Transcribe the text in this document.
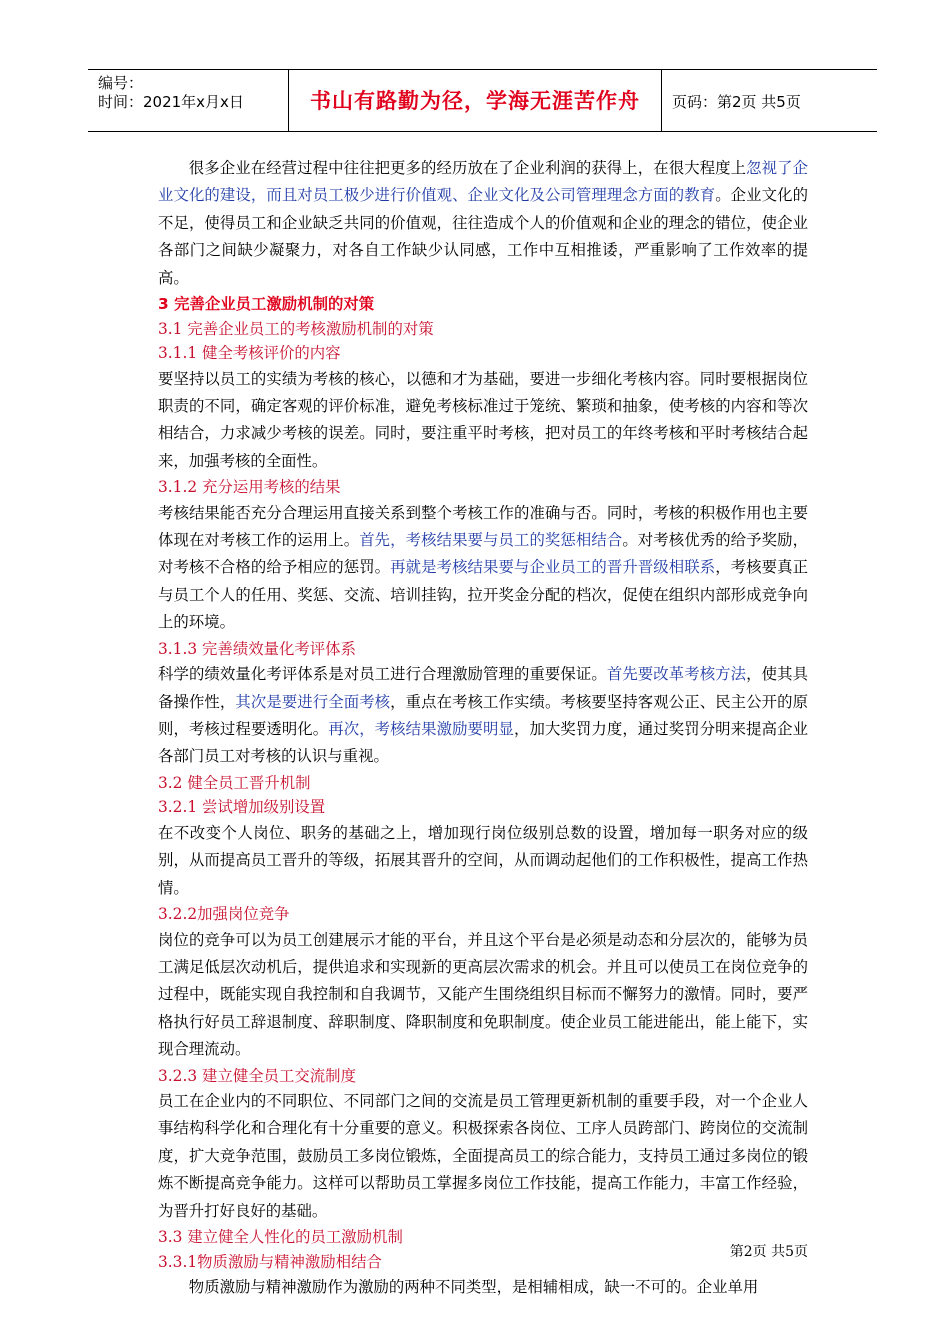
编号：
时间：2021年x月x日	书山有路勤为径，学海无涯苦作舟	页码：第2页 共5页

很多企业在经营过程中往往把更多的经历放在了企业利润的获得上，在很大程度上忽视了企业文化的建设，而且对员工极少进行价值观、企业文化及公司管理理念方面的教育。企业文化的不足，使得员工和企业缺乏共同的价值观，往往造成个人的价值观和企业的理念的错位，使企业各部门之间缺少凝聚力，对各自工作缺少认同感，工作中互相推诿，严重影响了工作效率的提高。

3 完善企业员工激励机制的对策

3.1 完善企业员工的考核激励机制的对策

3.1.1 健全考核评价的内容

要坚持以员工的实绩为考核的核心，以德和才为基础，要进一步细化考核内容。同时要根据岗位职责的不同，确定客观的评价标准，避免考核标准过于笼统、繁琐和抽象，使考核的内容和等次相结合，力求减少考核的误差。同时，要注重平时考核，把对员工的年终考核和平时考核结合起来，加强考核的全面性。

3.1.2 充分运用考核的结果

考核结果能否充分合理运用直接关系到整个考核工作的准确与否。同时，考核的积极作用也主要体现在对考核工作的运用上。首先，考核结果要与员工的奖惩相结合。对考核优秀的给予奖励，对考核不合格的给予相应的惩罚。再就是考核结果要与企业员工的晋升晋级相联系，考核要真正与员工个人的任用、奖惩、交流、培训挂钩，拉开奖金分配的档次，促使在组织内部形成竞争向上的环境。

3.1.3 完善绩效量化考评体系

科学的绩效量化考评体系是对员工进行合理激励管理的重要保证。首先要改革考核方法，使其具备操作性，其次是要进行全面考核，重点在考核工作实绩。考核要坚持客观公正、民主公开的原则，考核过程要透明化。再次，考核结果激励要明显，加大奖罚力度，通过奖罚分明来提高企业各部门员工对考核的认识与重视。

3.2 健全员工晋升机制

3.2.1 尝试增加级别设置

在不改变个人岗位、职务的基础之上，增加现行岗位级别总数的设置，增加每一职务对应的级别，从而提高员工晋升的等级，拓展其晋升的空间，从而调动起他们的工作积极性，提高工作热情。

3.2.2加强岗位竞争

岗位的竞争可以为员工创建展示才能的平台，并且这个平台是必须是动态和分层次的，能够为员工满足低层次动机后，提供追求和实现新的更高层次需求的机会。并且可以使员工在岗位竞争的过程中，既能实现自我控制和自我调节，又能产生围绕组织目标而不懈努力的激情。同时，要严格执行好员工辞退制度、辞职制度、降职制度和免职制度。使企业员工能进能出，能上能下，实现合理流动。

3.2.3 建立健全员工交流制度

员工在企业内的不同职位、不同部门之间的交流是员工管理更新机制的重要手段，对一个企业人事结构科学化和合理化有十分重要的意义。积极探索各岗位、工序人员跨部门、跨岗位的交流制度，扩大竞争范围，鼓励员工多岗位锻炼，全面提高员工的综合能力，支持员工通过多岗位的锻炼不断提高竞争能力。这样可以帮助员工掌握多岗位工作技能，提高工作能力，丰富工作经验，为晋升打好良好的基础。

3.3 建立健全人性化的员工激励机制

3.3.1物质激励与精神激励相结合

物质激励与精神激励作为激励的两种不同类型，是相辅相成，缺一不可的。企业单用

第2页 共5页
